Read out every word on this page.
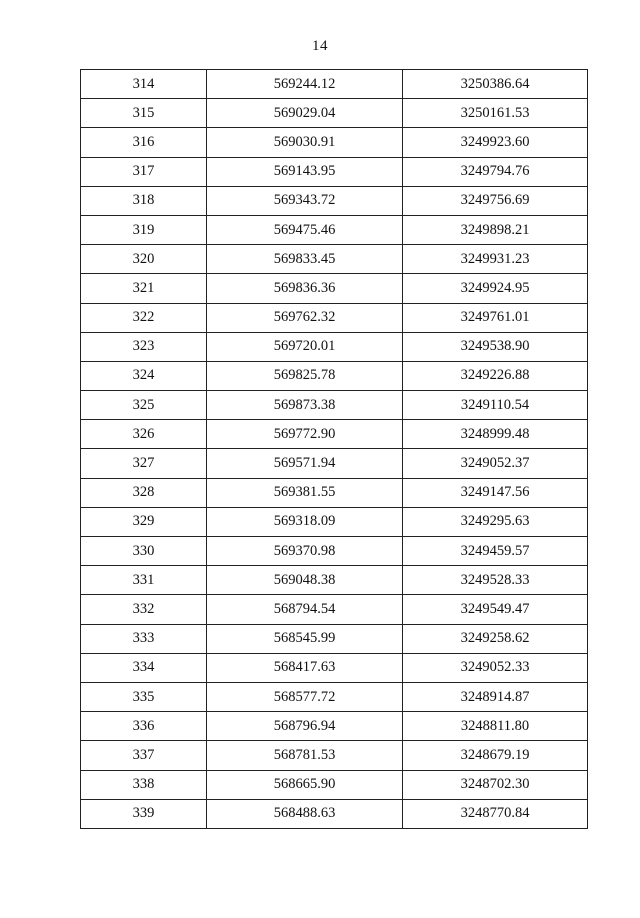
14
314	569244.12	3250386.64
315	569029.04	3250161.53
316	569030.91	3249923.60
317	569143.95	3249794.76
318	569343.72	3249756.69
319	569475.46	3249898.21
320	569833.45	3249931.23
321	569836.36	3249924.95
322	569762.32	3249761.01
323	569720.01	3249538.90
324	569825.78	3249226.88
325	569873.38	3249110.54
326	569772.90	3248999.48
327	569571.94	3249052.37
328	569381.55	3249147.56
329	569318.09	3249295.63
330	569370.98	3249459.57
331	569048.38	3249528.33
332	568794.54	3249549.47
333	568545.99	3249258.62
334	568417.63	3249052.33
335	568577.72	3248914.87
336	568796.94	3248811.80
337	568781.53	3248679.19
338	568665.90	3248702.30
339	568488.63	3248770.84
